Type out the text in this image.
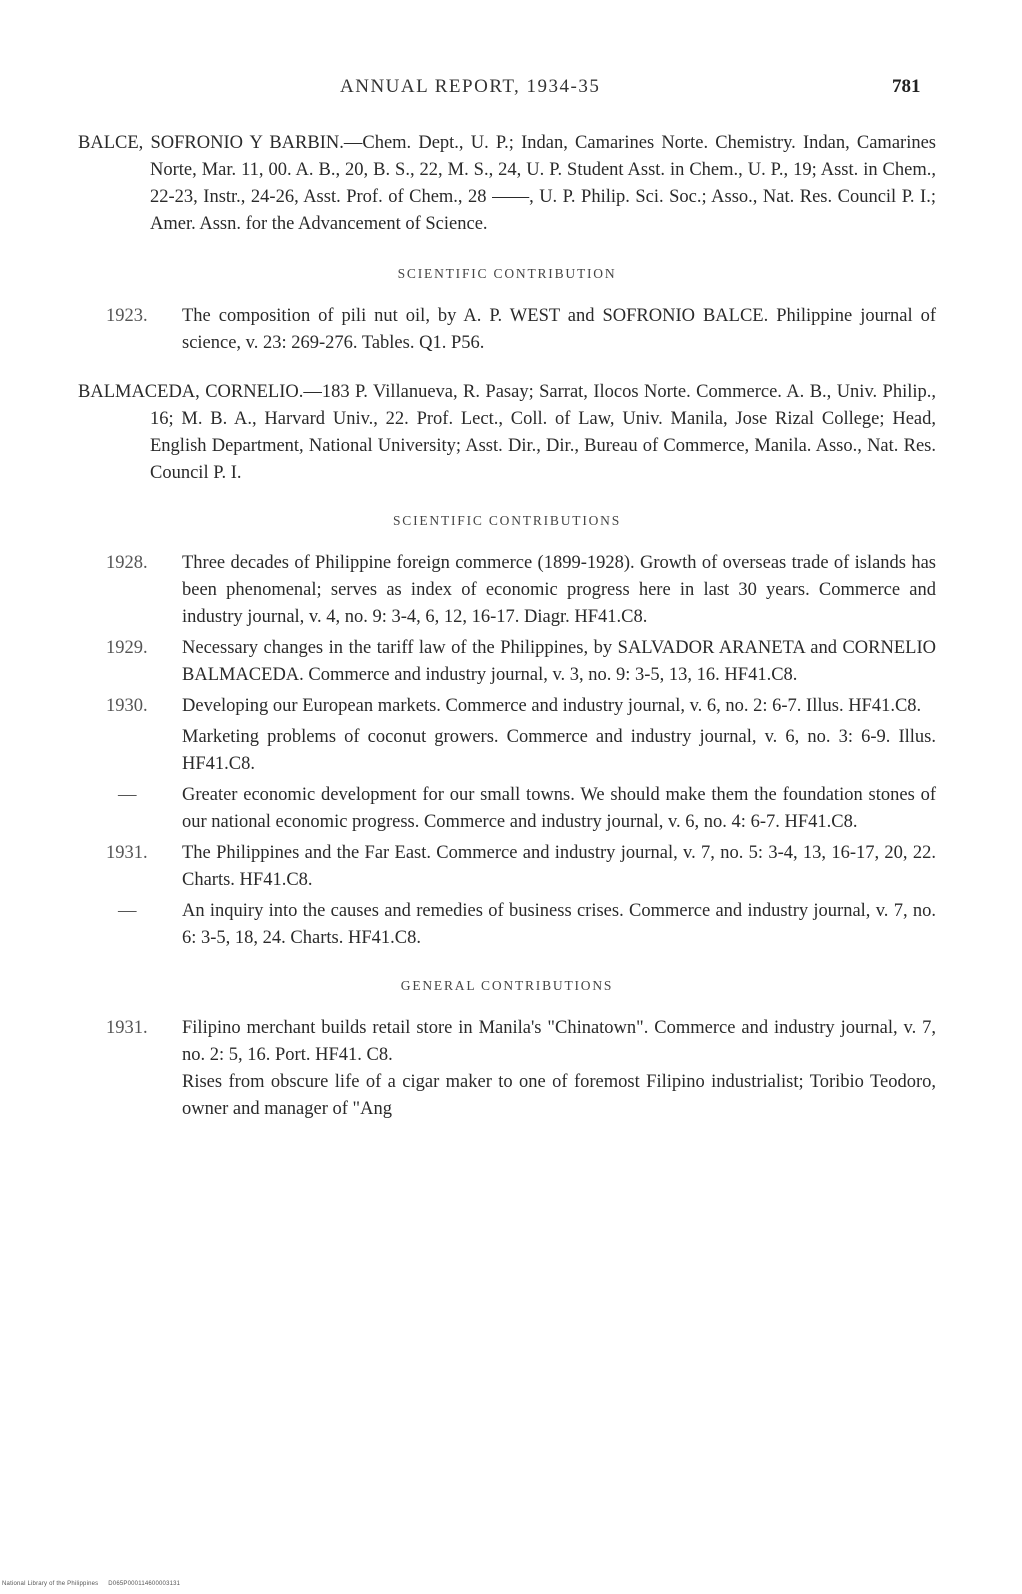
ANNUAL REPORT, 1934-35	781

BALCE, SOFRONIO Y BARBIN.—Chem. Dept., U. P.; Indan, Camarines Norte. Chemistry. Indan, Camarines Norte, Mar. 11, 00. A. B., 20, B. S., 22, M. S., 24, U. P. Student Asst. in Chem., U. P., 19; Asst. in Chem., 22-23, Instr., 24-26, Asst. Prof. of Chem., 28 ——, U. P. Philip. Sci. Soc.; Asso., Nat. Res. Council P. I.; Amer. Assn. for the Advancement of Science.

SCIENTIFIC CONTRIBUTION
1923. The composition of pili nut oil, by A. P. WEST and SOFRONIO BALCE. Philippine journal of science, v. 23: 269-276. Tables. Q1. P56.

BALMACEDA, CORNELIO.—183 P. Villanueva, R. Pasay; Sarrat, Ilocos Norte. Commerce. A. B., Univ. Philip., 16; M. B. A., Harvard Univ., 22. Prof. Lect., Coll. of Law, Univ. Manila, Jose Rizal College; Head, English Department, National University; Asst. Dir., Dir., Bureau of Commerce, Manila. Asso., Nat. Res. Council P. I.

SCIENTIFIC CONTRIBUTIONS
1928. Three decades of Philippine foreign commerce (1899-1928). Growth of overseas trade of islands has been phenomenal; serves as index of economic progress here in last 30 years. Commerce and industry journal, v. 4, no. 9: 3-4, 6, 12, 16-17. Diagr. HF41.C8.
1929. Necessary changes in the tariff law of the Philippines, by SALVADOR ARANETA and CORNELIO BALMACEDA. Commerce and industry journal, v. 3, no. 9: 3-5, 13, 16. HF41.C8.
1930. Developing our European markets. Commerce and industry journal, v. 6, no. 2: 6-7. Illus. HF41.C8.
Marketing problems of coconut growers. Commerce and industry journal, v. 6, no. 3: 6-9. Illus. HF41.C8.
— Greater economic development for our small towns. We should make them the foundation stones of our national economic progress. Commerce and industry journal, v. 6, no. 4: 6-7. HF41.C8.
1931. The Philippines and the Far East. Commerce and industry journal, v. 7, no. 5: 3-4, 13, 16-17, 20, 22. Charts. HF41.C8.
— An inquiry into the causes and remedies of business crises. Commerce and industry journal, v. 7, no. 6: 3-5, 18, 24. Charts. HF41.C8.
GENERAL CONTRIBUTIONS
1931. Filipino merchant builds retail store in Manila's "Chinatown". Commerce and industry journal, v. 7, no. 2: 5, 16. Port. HF41. C8.
Rises from obscure life of a cigar maker to one of foremost Filipino industrialist; Toribio Teodoro, owner and manager of "Ang
National Library of the Philippines D065P000114600003131
